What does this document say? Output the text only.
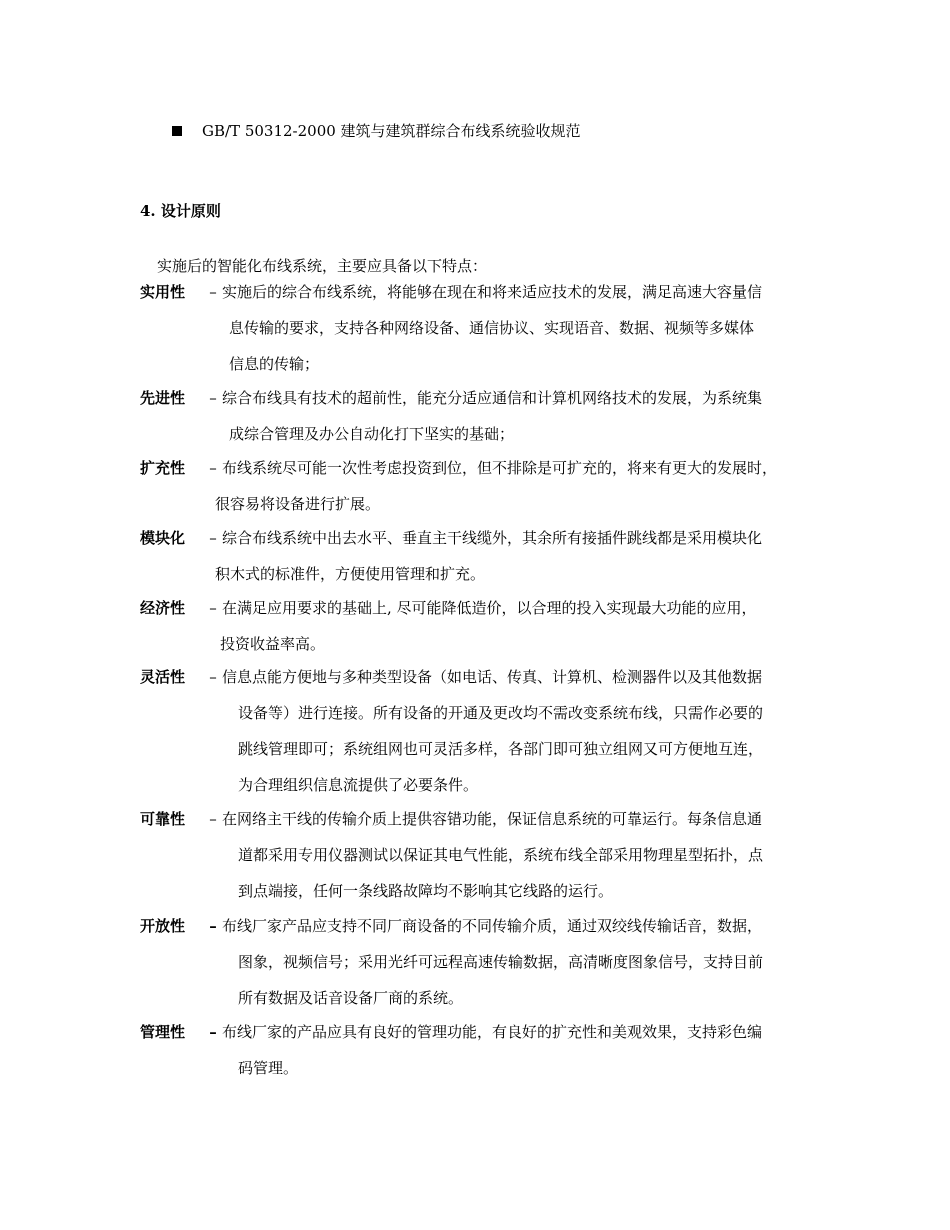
GB/T 50312-2000 建筑与建筑群综合布线系统验收规范
4. 设计原则
实施后的智能化布线系统，主要应具备以下特点：
实用性	– 实施后的综合布线系统，将能够在现在和将来适应技术的发展，满足高速大容量信
息传输的要求，支持各种网络设备、通信协议、实现语音、数据、视频等多媒体
信息的传输；
先进性	– 综合布线具有技术的超前性，能充分适应通信和计算机网络技术的发展，为系统集
成综合管理及办公自动化打下坚实的基础；
扩充性	– 布线系统尽可能一次性考虑投资到位，但不排除是可扩充的，将来有更大的发展时，
很容易将设备进行扩展。
模块化	– 综合布线系统中出去水平、垂直主干线缆外，其余所有接插件跳线都是采用模块化
积木式的标准件，方便使用管理和扩充。
经济性	– 在满足应用要求的基础上, 尽可能降低造价，以合理的投入实现最大功能的应用，
投资收益率高。
灵活性	– 信息点能方便地与多种类型设备（如电话、传真、计算机、检测器件以及其他数据
设备等）进行连接。所有设备的开通及更改均不需改变系统布线，只需作必要的
跳线管理即可；系统组网也可灵活多样，各部门即可独立组网又可方便地互连，
为合理组织信息流提供了必要条件。
可靠性	– 在网络主干线的传输介质上提供容错功能，保证信息系统的可靠运行。每条信息通
道都采用专用仪器测试以保证其电气性能，系统布线全部采用物理星型拓扑，点
到点端接，任何一条线路故障均不影响其它线路的运行。
开放性	– 布线厂家产品应支持不同厂商设备的不同传输介质，通过双绞线传输话音，数据，
图象，视频信号；采用光纤可远程高速传输数据，高清晰度图象信号，支持目前
所有数据及话音设备厂商的系统。
管理性	– 布线厂家的产品应具有良好的管理功能，有良好的扩充性和美观效果，支持彩色编
码管理。
